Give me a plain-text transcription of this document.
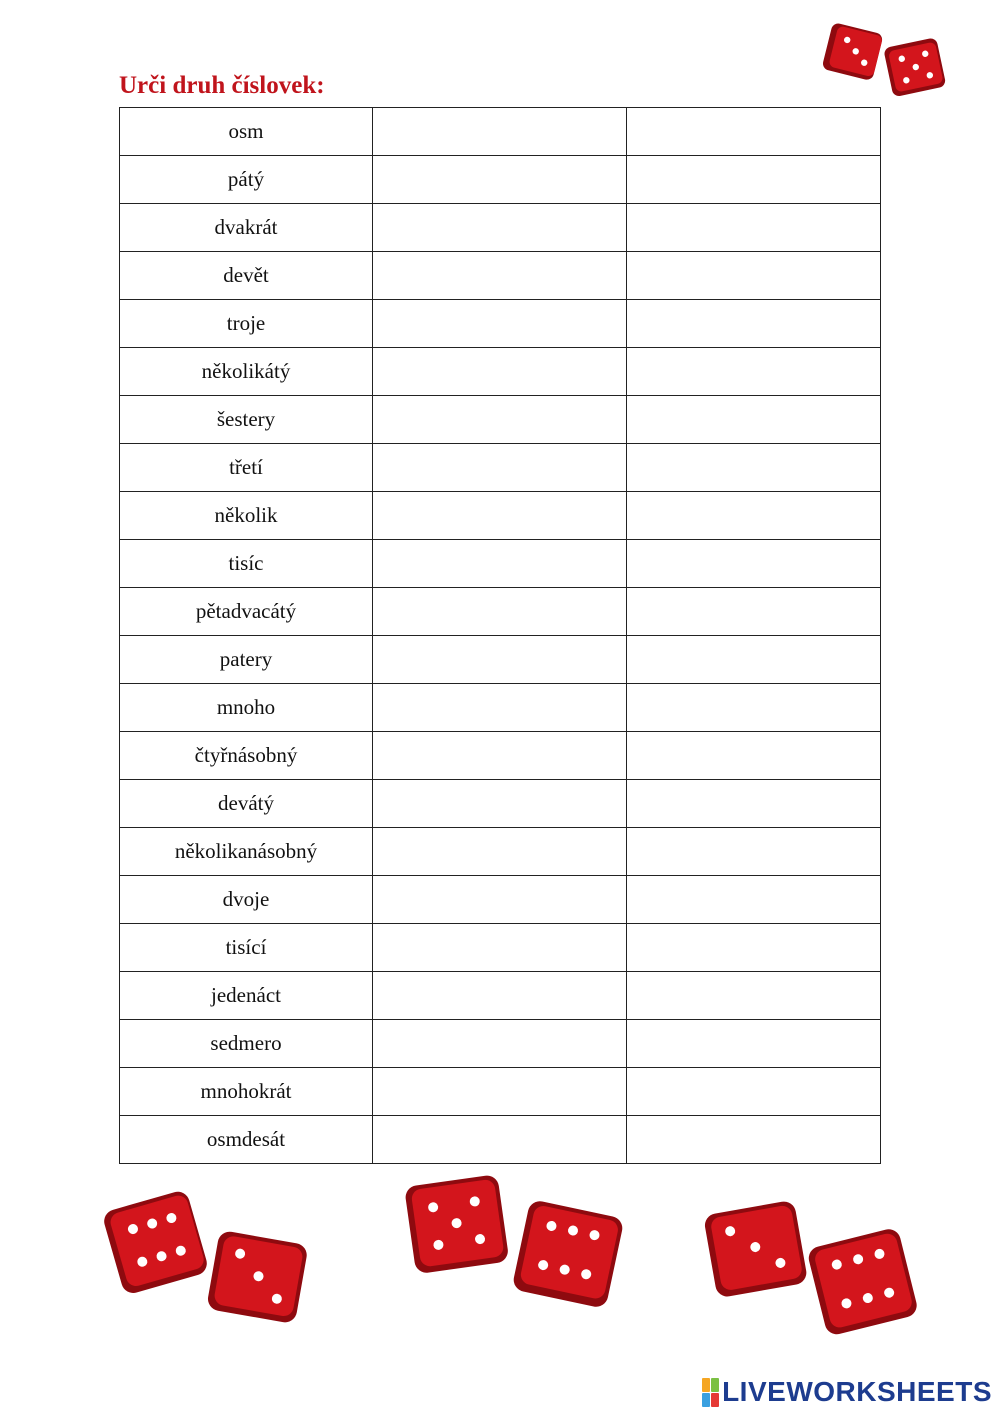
Urči druh číslovek:
osm		
pátý		
dvakrát		
devět		
troje		
několikátý		
šestery		
třetí		
několik		
tisíc		
pětadvacátý		
patery		
mnoho		
čtyřnásobný		
devátý		
několikanásobný		
dvoje		
tisící		
jedenáct		
sedmero		
mnohokrát		
osmdesát		
LIVEWORKSHEETS
